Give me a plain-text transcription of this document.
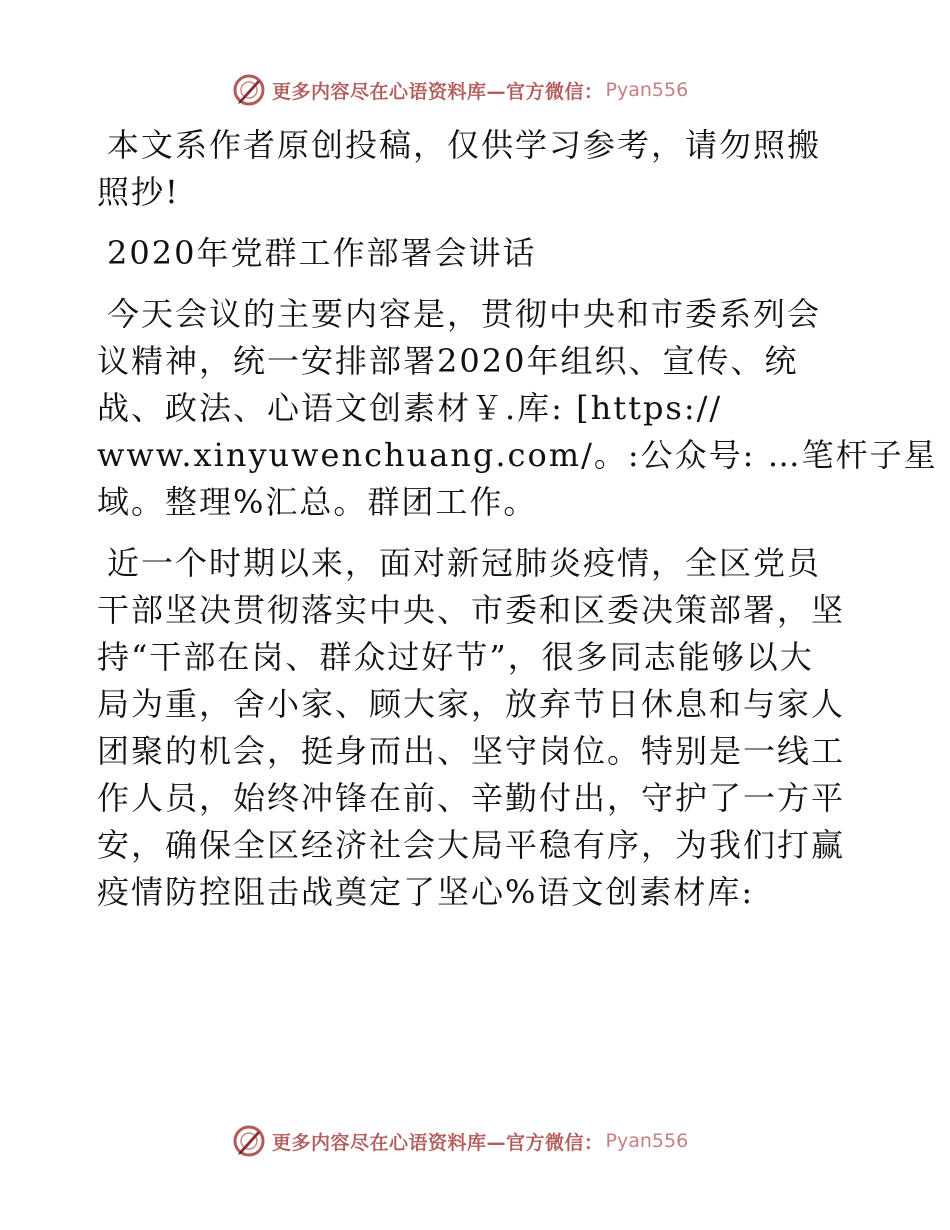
更多内容尽在心语资料库—官方微信： Pyan556

本文系作者原创投稿，仅供学习参考，请勿照搬
照抄!

2020年党群工作部署会讲话

今天会议的主要内容是，贯彻中央和市委系列会
议精神，统一安排部署2020年组织、宣传、统
战、政法、心语文创素材￥.库: [https://
www.xinyuwenchuang.com/。:公众号: …笔杆子星
域。整理%汇总。群团工作。

近一个时期以来，面对新冠肺炎疫情，全区党员
干部坚决贯彻落实中央、市委和区委决策部署，坚
持“干部在岗、群众过好节”，很多同志能够以大
局为重，舍小家、顾大家，放弃节日休息和与家人
团聚的机会，挺身而出、坚守岗位。特别是一线工
作人员，始终冲锋在前、辛勤付出，守护了一方平
安，确保全区经济社会大局平稳有序，为我们打赢
疫情防控阻击战奠定了坚心%语文创素材库:

更多内容尽在心语资料库—官方微信： Pyan556
